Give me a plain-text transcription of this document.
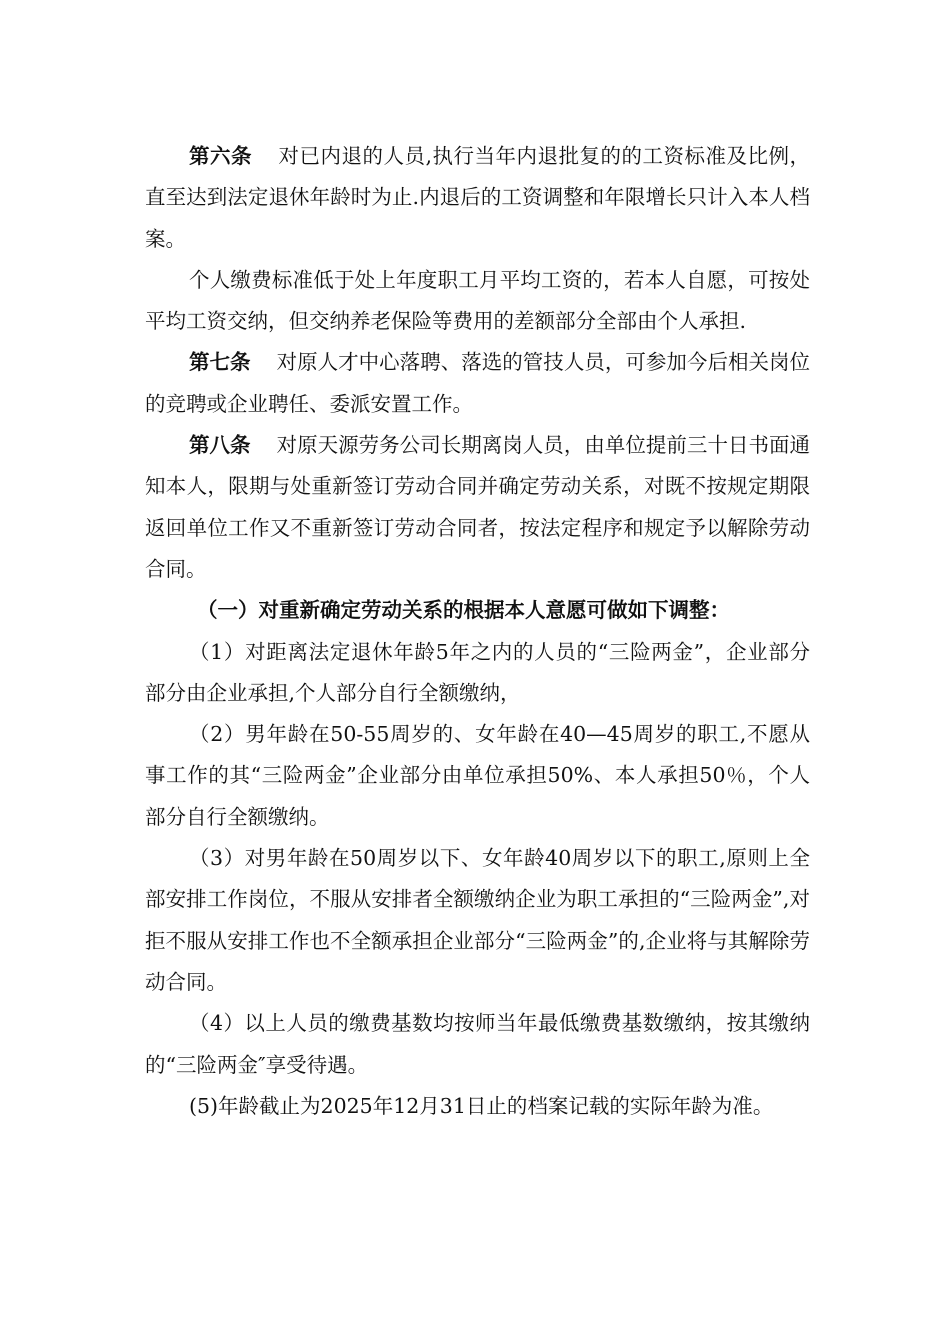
第六条 对已内退的人员,执行当年内退批复的的工资标准及比例，直至达到法定退休年龄时为止.内退后的工资调整和年限增长只计入本人档案。

个人缴费标准低于处上年度职工月平均工资的，若本人自愿，可按处平均工资交纳，但交纳养老保险等费用的差额部分全部由个人承担.

第七条 对原人才中心落聘、落选的管技人员，可参加今后相关岗位的竞聘或企业聘任、委派安置工作。

第八条 对原天源劳务公司长期离岗人员，由单位提前三十日书面通知本人，限期与处重新签订劳动合同并确定劳动关系，对既不按规定期限返回单位工作又不重新签订劳动合同者，按法定程序和规定予以解除劳动合同。

（一）对重新确定劳动关系的根据本人意愿可做如下调整：

（1）对距离法定退休年龄5年之内的人员的“三险两金”，企业部分部分由企业承担,个人部分自行全额缴纳，

（2）男年龄在50-55周岁的、女年龄在40—45周岁的职工,不愿从事工作的其“三险两金”企业部分由单位承担50%、本人承担50％，个人部分自行全额缴纳。

（3）对男年龄在50周岁以下、女年龄40周岁以下的职工,原则上全部安排工作岗位，不服从安排者全额缴纳企业为职工承担的“三险两金”,对拒不服从安排工作也不全额承担企业部分“三险两金”的,企业将与其解除劳动合同。

（4）以上人员的缴费基数均按师当年最低缴费基数缴纳，按其缴纳的“三险两金″享受待遇。

(5)年龄截止为2025年12月31日止的档案记载的实际年龄为准。
